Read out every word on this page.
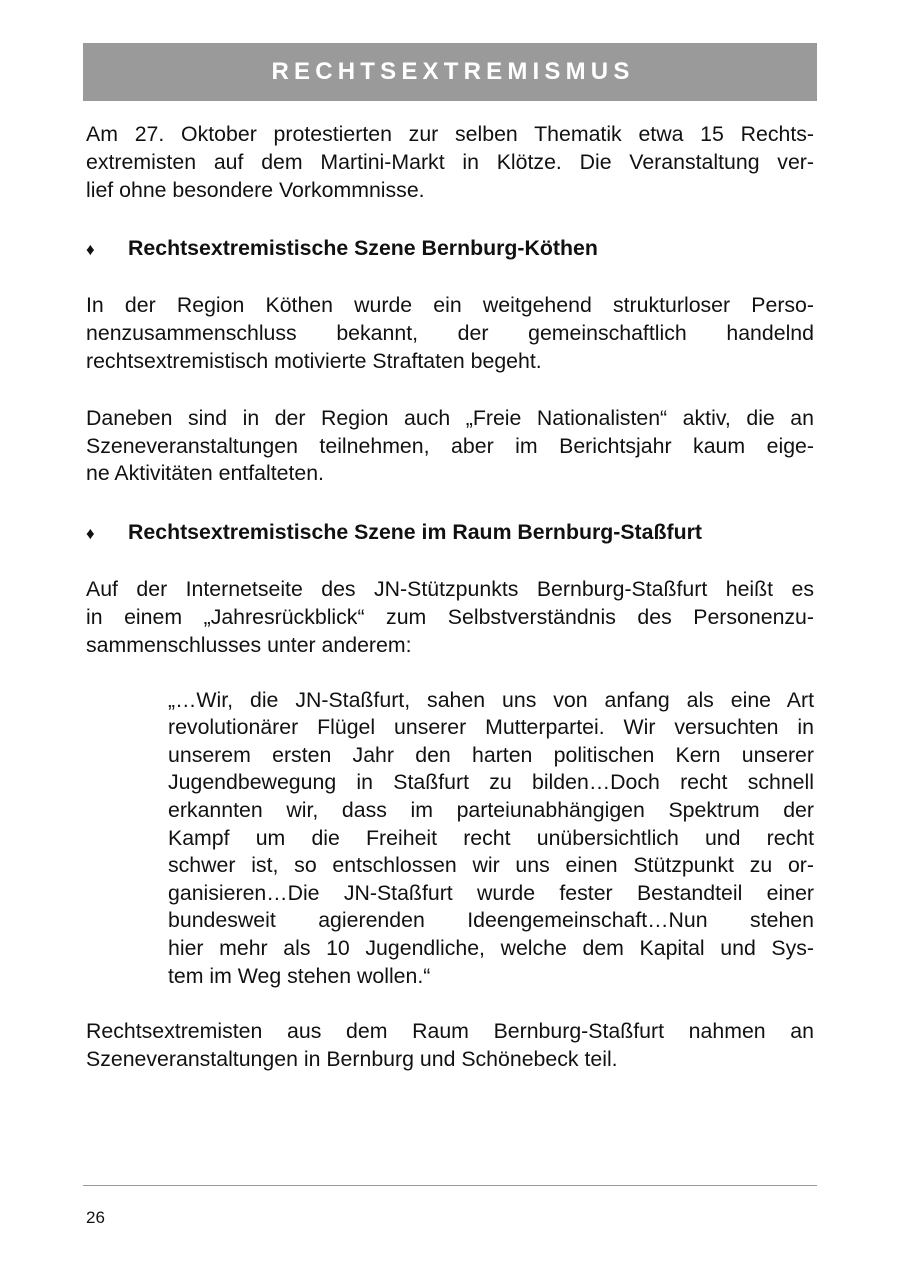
RECHTSEXTREMISMUS

Am 27. Oktober protestierten zur selben Thematik etwa 15 Rechts-
extremisten auf dem Martini-Markt in Klötze. Die Veranstaltung ver-
lief ohne besondere Vorkommnisse.

♦	Rechtsextremistische Szene Bernburg-Köthen

In der Region Köthen wurde ein weitgehend strukturloser Perso-
nenzusammenschluss bekannt, der gemeinschaftlich handelnd
rechtsextremistisch motivierte Straftaten begeht.

Daneben sind in der Region auch „Freie Nationalisten“ aktiv, die an
Szeneveranstaltungen teilnehmen, aber im Berichtsjahr kaum eige-
ne Aktivitäten entfalteten.

♦	Rechtsextremistische Szene im Raum Bernburg-Staßfurt

Auf der Internetseite des JN-Stützpunkts Bernburg-Staßfurt heißt es
in einem „Jahresrückblick“ zum Selbstverständnis des Personenzu-
sammenschlusses unter anderem:

„…Wir, die JN-Staßfurt, sahen uns von anfang als eine Art
revolutionärer Flügel unserer Mutterpartei. Wir versuchten in
unserem ersten Jahr den harten politischen Kern unserer
Jugendbewegung in Staßfurt zu bilden…Doch recht schnell
erkannten wir, dass im parteiunabhängigen Spektrum der
Kampf um die Freiheit recht unübersichtlich und recht
schwer ist, so entschlossen wir uns einen Stützpunkt zu or-
ganisieren…Die JN-Staßfurt wurde fester Bestandteil einer
bundesweit agierenden Ideengemeinschaft…Nun stehen
hier mehr als 10 Jugendliche, welche dem Kapital und Sys-
tem im Weg stehen wollen.“

Rechtsextremisten aus dem Raum Bernburg-Staßfurt nahmen an
Szeneveranstaltungen in Bernburg und Schönebeck teil.

26
